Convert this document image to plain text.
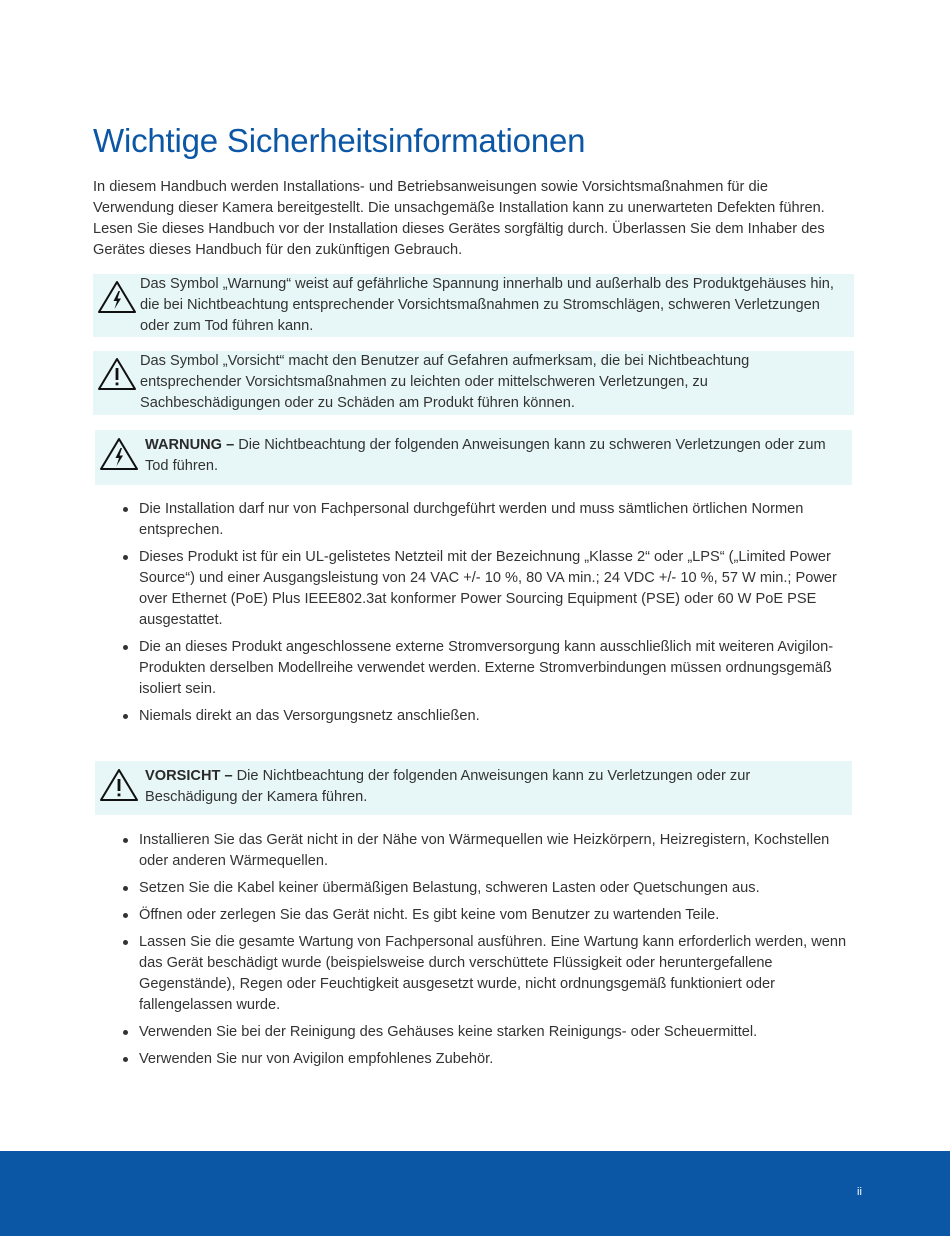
Wichtige Sicherheitsinformationen

In diesem Handbuch werden Installations- und Betriebsanweisungen sowie Vorsichtsmaßnahmen für die Verwendung dieser Kamera bereitgestellt. Die unsachgemäße Installation kann zu unerwarteten Defekten führen. Lesen Sie dieses Handbuch vor der Installation dieses Gerätes sorgfältig durch. Überlassen Sie dem Inhaber des Gerätes dieses Handbuch für den zukünftigen Gebrauch.

Das Symbol „Warnung“ weist auf gefährliche Spannung innerhalb und außerhalb des Produktgehäuses hin, die bei Nichtbeachtung entsprechender Vorsichtsmaßnahmen zu Stromschlägen, schweren Verletzungen oder zum Tod führen kann.

Das Symbol „Vorsicht“ macht den Benutzer auf Gefahren aufmerksam, die bei Nichtbeachtung entsprechender Vorsichtsmaßnahmen zu leichten oder mittelschweren Verletzungen, zu Sachbeschädigungen oder zu Schäden am Produkt führen können.

WARNUNG – Die Nichtbeachtung der folgenden Anweisungen kann zu schweren Verletzungen oder zum Tod führen.

Die Installation darf nur von Fachpersonal durchgeführt werden und muss sämtlichen örtlichen Normen entsprechen.
Dieses Produkt ist für ein UL-gelistetes Netzteil mit der Bezeichnung „Klasse 2“ oder „LPS“ („Limited Power Source“) und einer Ausgangsleistung von 24 VAC +/- 10 %, 80 VA min.; 24 VDC +/- 10 %, 57 W min.; Power over Ethernet (PoE) Plus IEEE802.3at konformer Power Sourcing Equipment (PSE) oder 60 W PoE PSE ausgestattet.
Die an dieses Produkt angeschlossene externe Stromversorgung kann ausschließlich mit weiteren Avigilon-Produkten derselben Modellreihe verwendet werden. Externe Stromverbindungen müssen ordnungsgemäß isoliert sein.
Niemals direkt an das Versorgungsnetz anschließen.

VORSICHT – Die Nichtbeachtung der folgenden Anweisungen kann zu Verletzungen oder zur Beschädigung der Kamera führen.

Installieren Sie das Gerät nicht in der Nähe von Wärmequellen wie Heizkörpern, Heizregistern, Kochstellen oder anderen Wärmequellen.
Setzen Sie die Kabel keiner übermäßigen Belastung, schweren Lasten oder Quetschungen aus.
Öffnen oder zerlegen Sie das Gerät nicht. Es gibt keine vom Benutzer zu wartenden Teile.
Lassen Sie die gesamte Wartung von Fachpersonal ausführen. Eine Wartung kann erforderlich werden, wenn das Gerät beschädigt wurde (beispielsweise durch verschüttete Flüssigkeit oder heruntergefallene Gegenstände), Regen oder Feuchtigkeit ausgesetzt wurde, nicht ordnungsgemäß funktioniert oder fallengelassen wurde.
Verwenden Sie bei der Reinigung des Gehäuses keine starken Reinigungs- oder Scheuermittel.
Verwenden Sie nur von Avigilon empfohlenes Zubehör.
ii
